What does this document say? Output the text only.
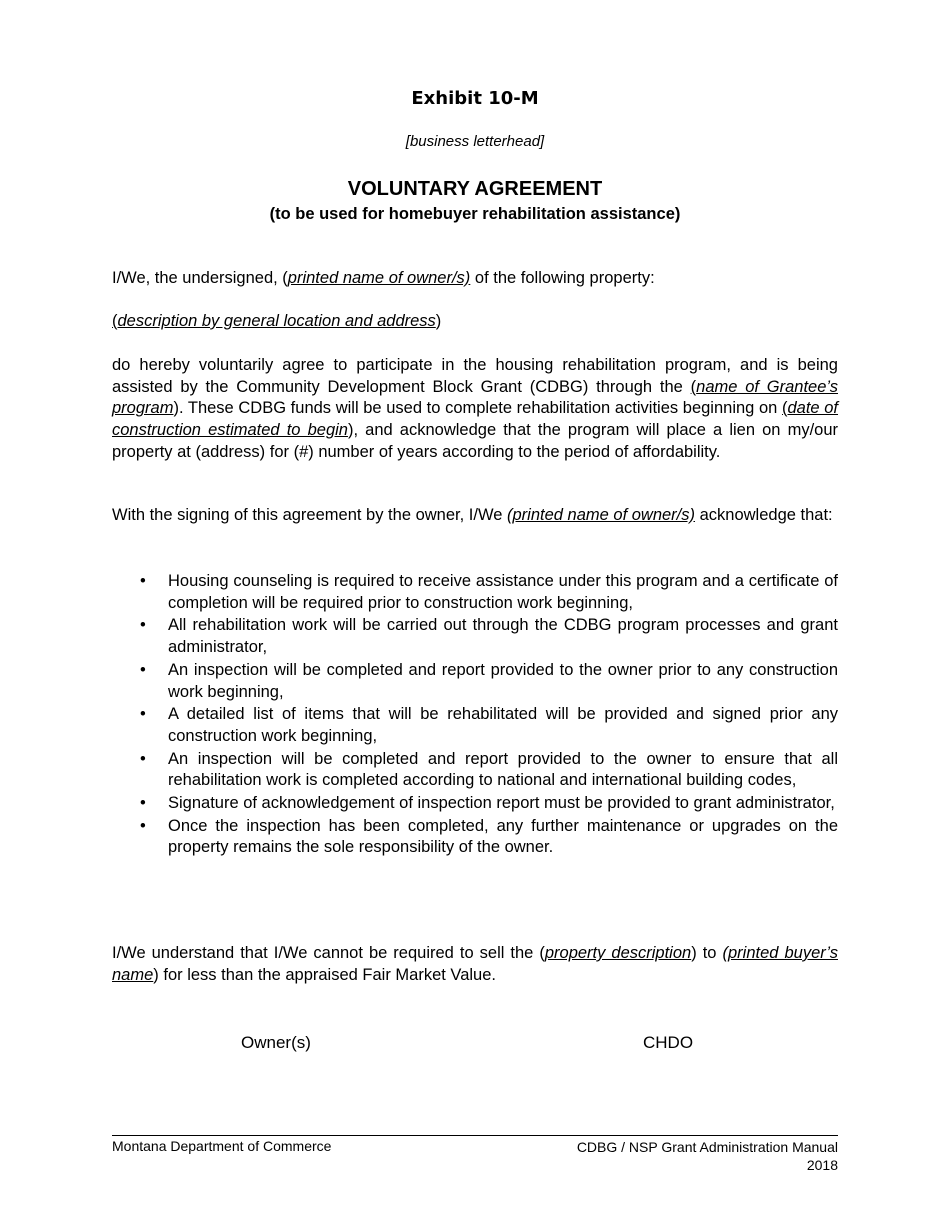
Exhibit 10-M
[business letterhead]
VOLUNTARY AGREEMENT
(to be used for homebuyer rehabilitation assistance)
I/We, the undersigned, (printed name of owner/s) of the following property:
(description by general location and address)
do hereby voluntarily agree to participate in the housing rehabilitation program, and is being assisted by the Community Development Block Grant (CDBG) through the (name of Grantee’s program). These CDBG funds will be used to complete rehabilitation activities beginning on (date of construction estimated to begin), and acknowledge that the program will place a lien on my/our property at (address) for (#) number of years according to the period of affordability.
With the signing of this agreement by the owner, I/We (printed name of owner/s) acknowledge that:
• Housing counseling is required to receive assistance under this program and a certificate of completion will be required prior to construction work beginning,
• All rehabilitation work will be carried out through the CDBG program processes and grant administrator,
• An inspection will be completed and report provided to the owner prior to any construction work beginning,
• A detailed list of items that will be rehabilitated will be provided and signed prior any construction work beginning,
• An inspection will be completed and report provided to the owner to ensure that all rehabilitation work is completed according to national and international building codes,
• Signature of acknowledgement of inspection report must be provided to grant administrator,
• Once the inspection has been completed, any further maintenance or upgrades on the property remains the sole responsibility of the owner.
I/We understand that I/We cannot be required to sell the (property description) to (printed buyer’s name) for less than the appraised Fair Market Value.
Owner(s)	CHDO
Montana Department of Commerce	CDBG / NSP Grant Administration Manual
2018
